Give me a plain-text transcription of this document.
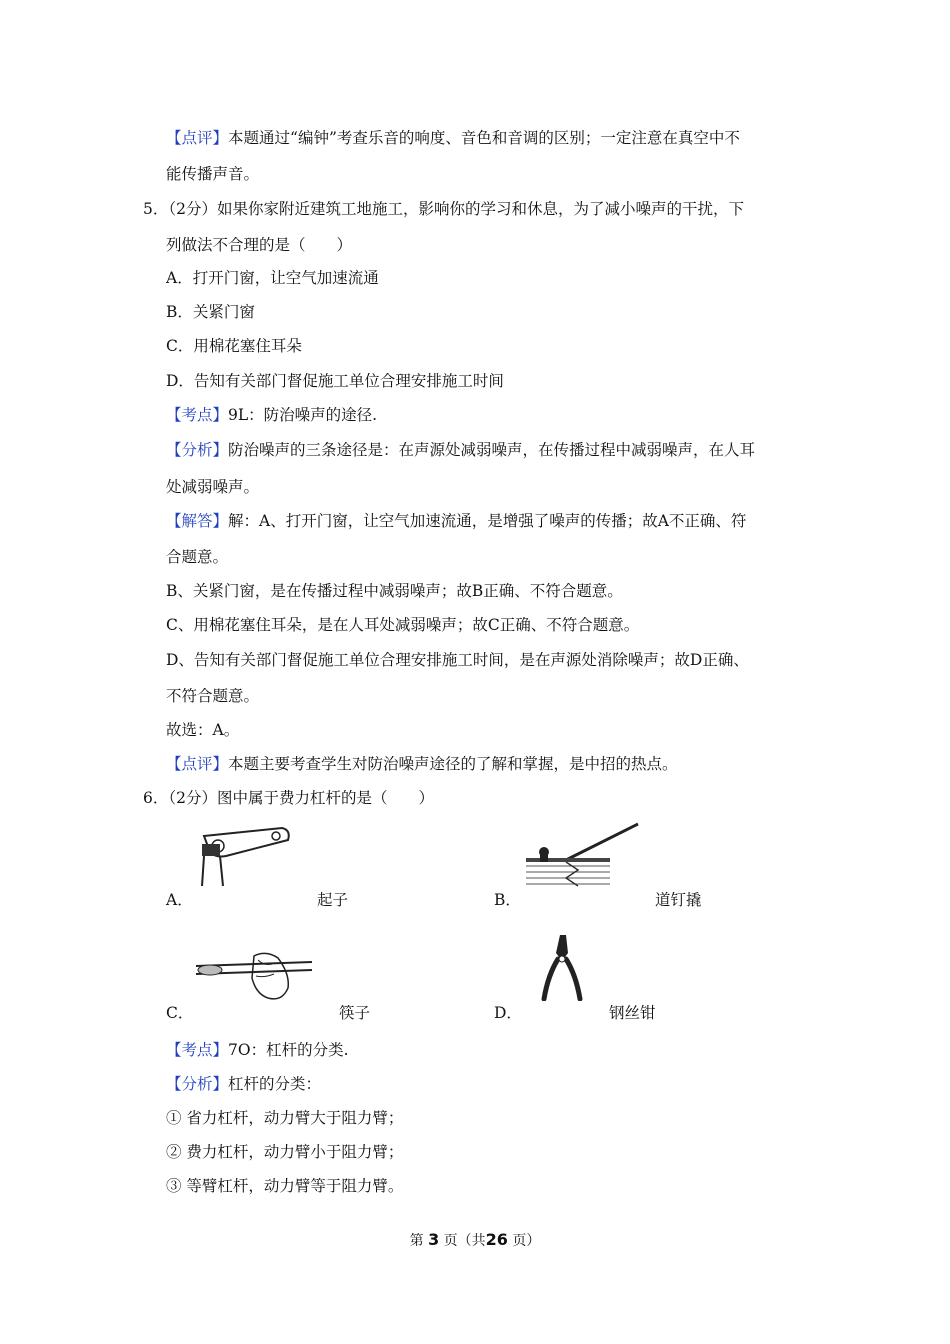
【点评】本题通过“编钟”考查乐音的响度、音色和音调的区别；一定注意在真空中不
能传播声音。
5．（2分）如果你家附近建筑工地施工，影响你的学习和休息，为了减小噪声的干扰，下
列做法不合理的是（　　）
A．打开门窗，让空气加速流通
B．关紧门窗
C．用棉花塞住耳朵
D．告知有关部门督促施工单位合理安排施工时间
【考点】9L：防治噪声的途径.
【分析】防治噪声的三条途径是：在声源处减弱噪声，在传播过程中减弱噪声，在人耳
处减弱噪声。
【解答】解：A、打开门窗，让空气加速流通，是增强了噪声的传播；故A不正确、符
合题意。
B、关紧门窗，是在传播过程中减弱噪声；故B正确、不符合题意。
C、用棉花塞住耳朵，是在人耳处减弱噪声；故C正确、不符合题意。
D、告知有关部门督促施工单位合理安排施工时间，是在声源处消除噪声；故D正确、
不符合题意。
故选：A。
【点评】本题主要考查学生对防治噪声途径的了解和掌握，是中招的热点。
6．（2分）图中属于费力杠杆的是（　　）
A．	起子	B．	道钉撬
C．	筷子	D．	钢丝钳
【考点】7O：杠杆的分类.
【分析】杠杆的分类：
① 省力杠杆，动力臂大于阻力臂；
② 费力杠杆，动力臂小于阻力臂；
③ 等臂杠杆，动力臂等于阻力臂。
第 3 页（共26 页）
